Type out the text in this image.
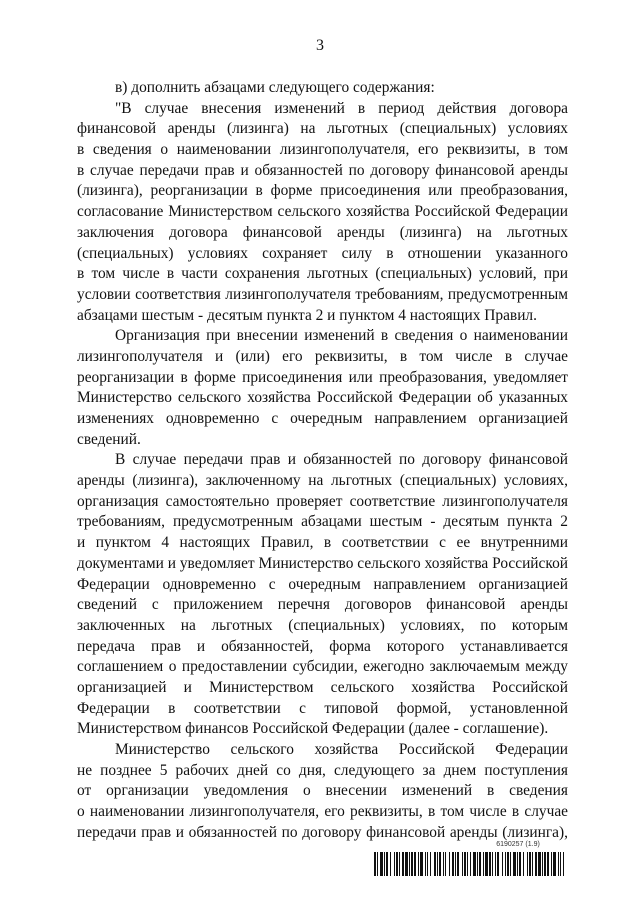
3
в) дополнить абзацами следующего содержания:
"В случае внесения изменений в период действия договора
финансовой аренды (лизинга) на льготных (специальных) условиях
в сведения о наименовании лизингополучателя, его реквизиты, в том
в случае передачи прав и обязанностей по договору финансовой аренды
(лизинга), реорганизации в форме присоединения или преобразования,
согласование Министерством сельского хозяйства Российской Федерации
заключения договора финансовой аренды (лизинга) на льготных
(специальных) условиях сохраняет силу в отношении указанного
в том числе в части сохранения льготных (специальных) условий, при
условии соответствия лизингополучателя требованиям, предусмотренным
абзацами шестым - десятым пункта 2 и пунктом 4 настоящих Правил.
Организация при внесении изменений в сведения о наименовании
лизингополучателя и (или) его реквизиты, в том числе в случае
реорганизации в форме присоединения или преобразования, уведомляет
Министерство сельского хозяйства Российской Федерации об указанных
изменениях одновременно с очередным направлением организацией
сведений.
В случае передачи прав и обязанностей по договору финансовой
аренды (лизинга), заключенному на льготных (специальных) условиях,
организация самостоятельно проверяет соответствие лизингополучателя
требованиям, предусмотренным абзацами шестым - десятым пункта 2
и пунктом 4 настоящих Правил, в соответствии с ее внутренними
документами и уведомляет Министерство сельского хозяйства Российской
Федерации одновременно с очередным направлением организацией
сведений с приложением перечня договоров финансовой аренды
заключенных на льготных (специальных) условиях, по которым
передача прав и обязанностей, форма которого устанавливается
соглашением о предоставлении субсидии, ежегодно заключаемым между
организацией и Министерством сельского хозяйства Российской
Федерации в соответствии с типовой формой, установленной
Министерством финансов Российской Федерации (далее - соглашение).
Министерство сельского хозяйства Российской Федерации
не позднее 5 рабочих дней со дня, следующего за днем поступления
от организации уведомления о внесении изменений в сведения
о наименовании лизингополучателя, его реквизиты, в том числе в случае
передачи прав и обязанностей по договору финансовой аренды (лизинга),
6190257 (1.9)
